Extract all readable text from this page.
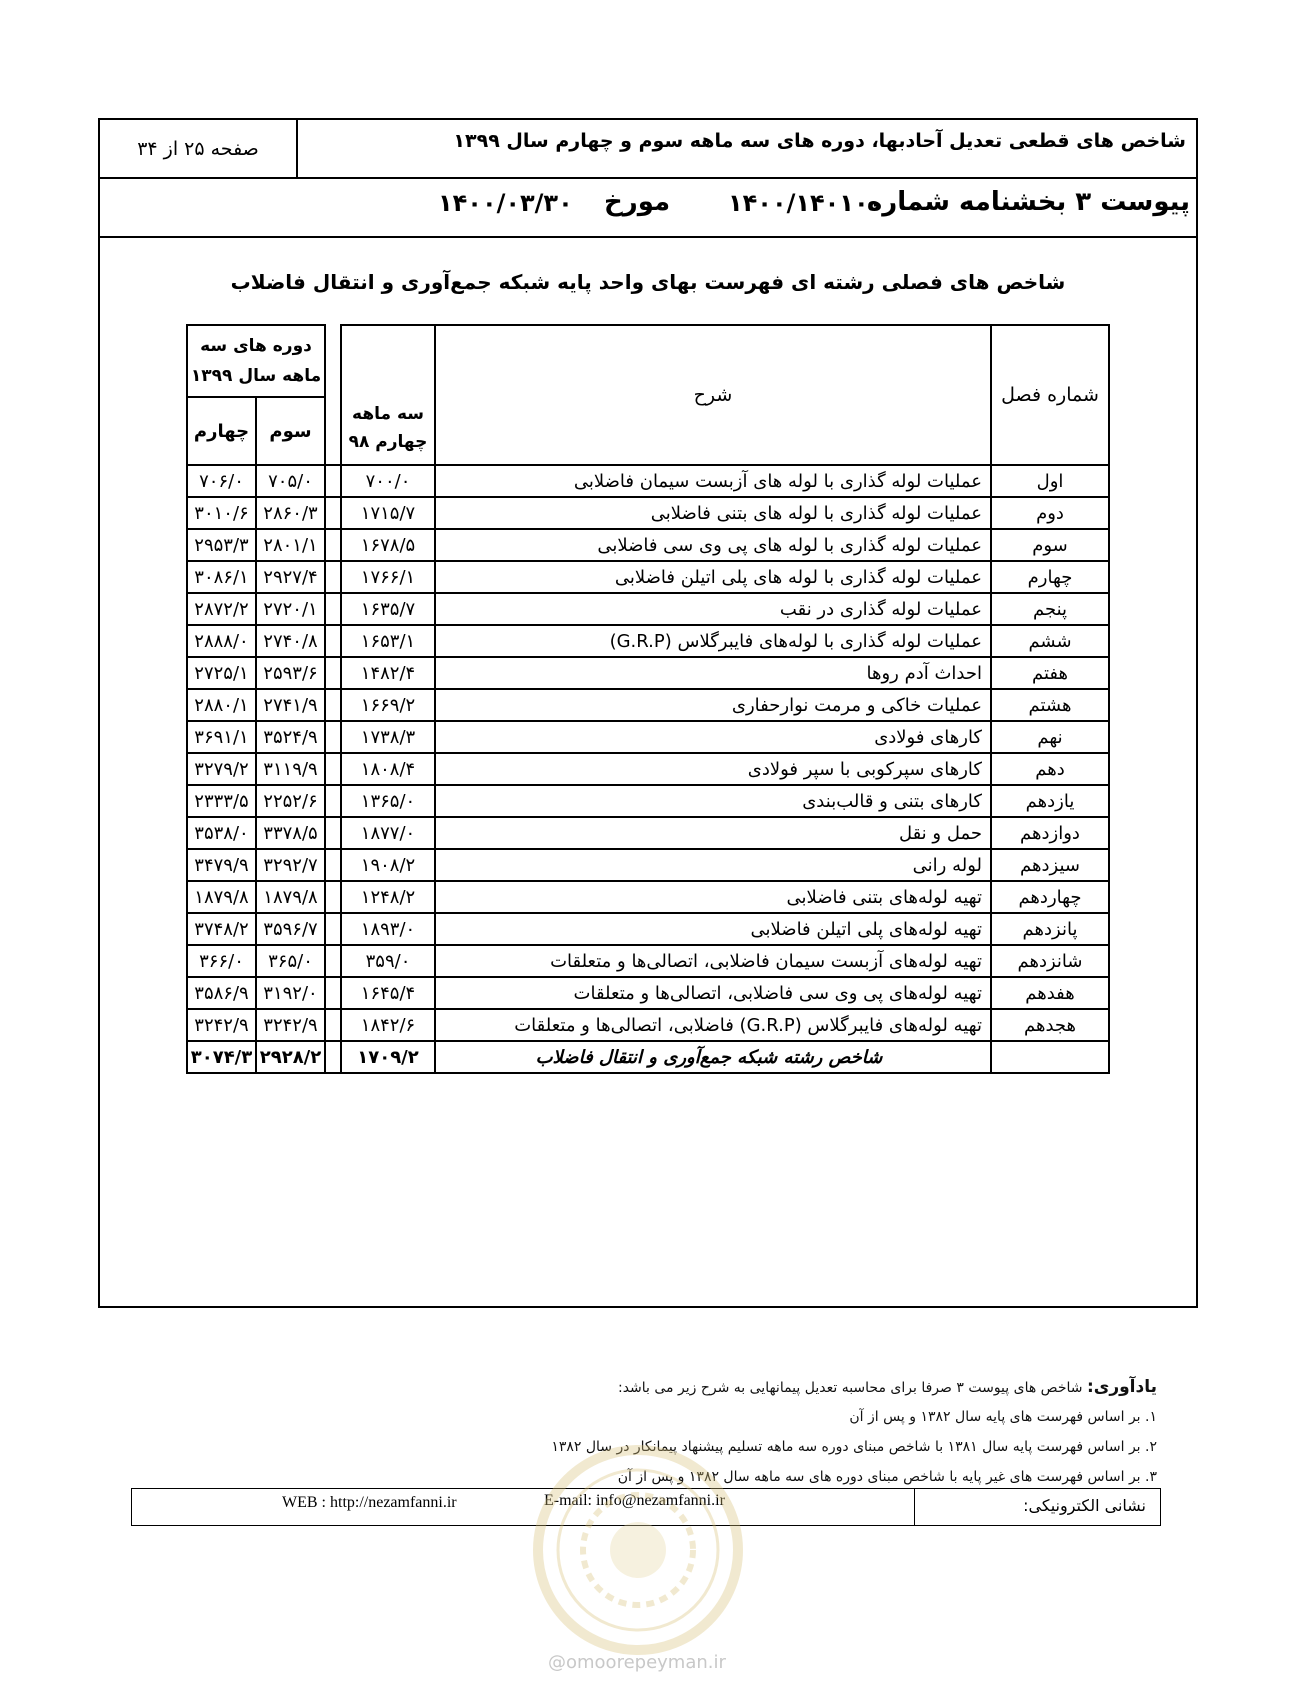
شاخص های قطعی تعدیل آحادبها، دوره های سه ماهه سوم و چهارم سال ۱۳۹۹
صفحه ۲۵ از ۳۴
پیوست ۳ بخشنامه شماره
۱۴۰۰/۱۴۰۱۰۰
مورخ
۱۴۰۰/۰۳/۳۰
شاخص های فصلی رشته ای فهرست بهای واحد پایه شبکه جمع‌آوری و انتقال فاضلاب
شماره فصل	شرح	سه ماهه چهارم ۹۸		دوره های سه ماهه سال ۱۳۹۹	
				سوم	چهارم
اول	عملیات لوله گذاری با لوله های آزبست سیمان فاضلابی	۷۰۰/۰		۷۰۵/۰	۷۰۶/۰
دوم	عملیات لوله گذاری با لوله های بتنی فاضلابی	۱۷۱۵/۷		۲۸۶۰/۳	۳۰۱۰/۶
سوم	عملیات لوله گذاری با لوله های پی وی سی فاضلابی	۱۶۷۸/۵		۲۸۰۱/۱	۲۹۵۳/۳
چهارم	عملیات لوله گذاری با لوله های پلی اتیلن فاضلابی	۱۷۶۶/۱		۲۹۲۷/۴	۳۰۸۶/۱
پنجم	عملیات لوله گذاری در نقب	۱۶۳۵/۷		۲۷۲۰/۱	۲۸۷۲/۲
ششم	عملیات لوله گذاری با لوله‌های فایبرگلاس (G.R.P)	۱۶۵۳/۱		۲۷۴۰/۸	۲۸۸۸/۰
هفتم	احداث آدم روها	۱۴۸۲/۴		۲۵۹۳/۶	۲۷۲۵/۱
هشتم	عملیات خاکی و مرمت نوارحفاری	۱۶۶۹/۲		۲۷۴۱/۹	۲۸۸۰/۱
نهم	کارهای فولادی	۱۷۳۸/۳		۳۵۲۴/۹	۳۶۹۱/۱
دهم	کارهای سپرکوبی با سپر فولادی	۱۸۰۸/۴		۳۱۱۹/۹	۳۲۷۹/۲
یازدهم	کارهای بتنی و قالب‌بندی	۱۳۶۵/۰		۲۲۵۲/۶	۲۳۳۳/۵
دوازدهم	حمل و نقل	۱۸۷۷/۰		۳۳۷۸/۵	۳۵۳۸/۰
سیزدهم	لوله رانی	۱۹۰۸/۲		۳۲۹۲/۷	۳۴۷۹/۹
چهاردهم	تهیه لوله‌های بتنی فاضلابی	۱۲۴۸/۲		۱۸۷۹/۸	۱۸۷۹/۸
پانزدهم	تهیه لوله‌های پلی اتیلن فاضلابی	۱۸۹۳/۰		۳۵۹۶/۷	۳۷۴۸/۲
شانزدهم	تهیه لوله‌های آزبست سیمان فاضلابی، اتصالی‌ها و متعلقات	۳۵۹/۰		۳۶۵/۰	۳۶۶/۰
هفدهم	تهیه لوله‌های پی وی سی فاضلابی، اتصالی‌ها و متعلقات	۱۶۴۵/۴		۳۱۹۲/۰	۳۵۸۶/۹
هجدهم	تهیه لوله‌های فایبرگلاس (G.R.P) فاضلابی، اتصالی‌ها و متعلقات	۱۸۴۲/۶		۳۲۴۲/۹	۳۲۴۲/۹
	شاخص رشته شبکه جمع‌آوری و انتقال فاضلاب	۱۷۰۹/۲		۲۹۲۸/۲	۳۰۷۴/۳
یادآوری: شاخص های پیوست ۳ صرفا برای محاسبه تعدیل پیمانهایی به شرح زیر می باشد:
۱. بر اساس فهرست های پایه سال ۱۳۸۲ و پس از آن
۲. بر اساس فهرست پایه سال ۱۳۸۱ با شاخص مبنای دوره سه ماهه تسلیم پیشنهاد پیمانکار در سال ۱۳۸۲
۳. بر اساس فهرست های غیر پایه با شاخص مبنای دوره های سه ماهه سال ۱۳۸۲ و پس از آن
نشانی الکترونیکی:
E-mail: info@nezamfanni.ir
WEB : http://nezamfanni.ir
@omoorepeyman.ir
